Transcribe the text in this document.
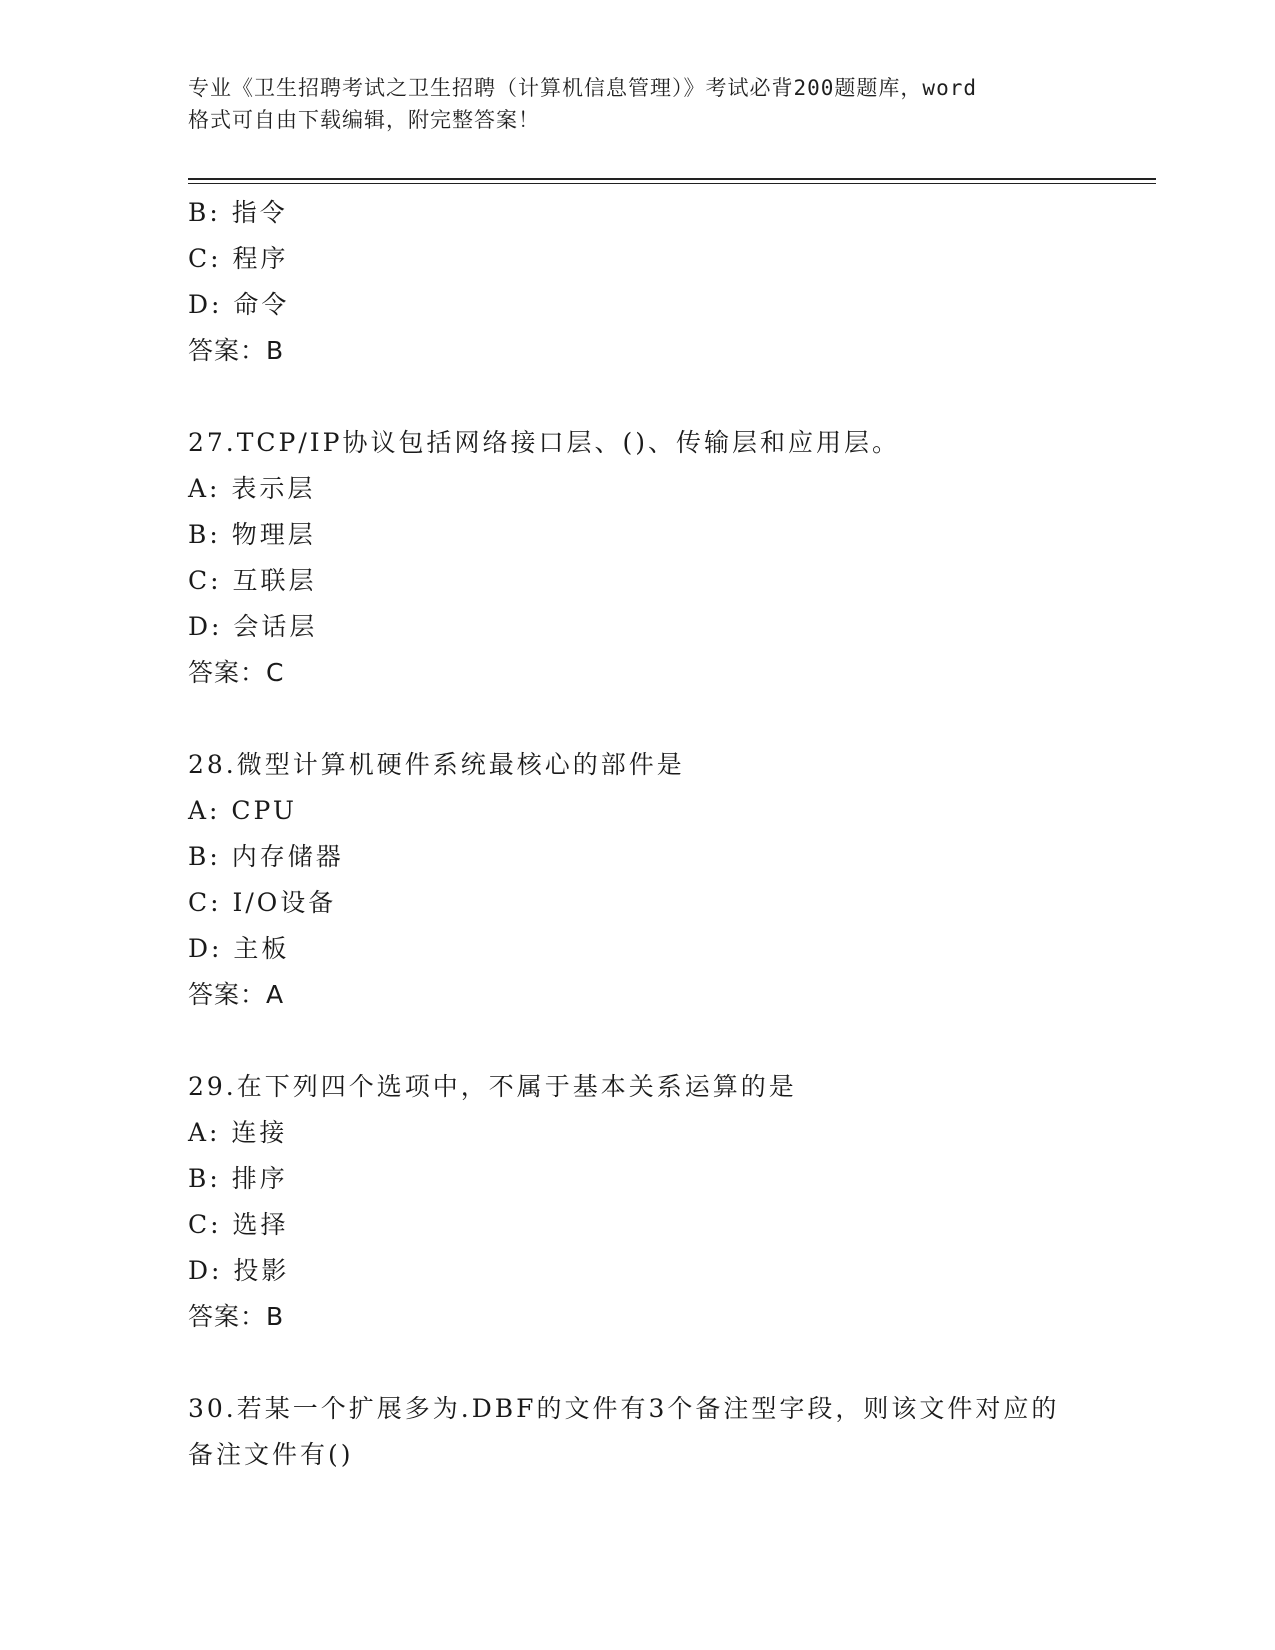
专业《卫生招聘考试之卫生招聘（计算机信息管理）》考试必背200题题库，word
格式可自由下载编辑，附完整答案！
B: 指令
C: 程序
D: 命令
答案：B
27.TCP/IP协议包括网络接口层、()、传输层和应用层。
A: 表示层
B: 物理层
C: 互联层
D: 会话层
答案：C
28.微型计算机硬件系统最核心的部件是
A: CPU
B: 内存储器
C: I/O设备
D: 主板
答案：A
29.在下列四个选项中，不属于基本关系运算的是
A: 连接
B: 排序
C: 选择
D: 投影
答案：B
30.若某一个扩展多为.DBF的文件有3个备注型字段，则该文件对应的
备注文件有()
